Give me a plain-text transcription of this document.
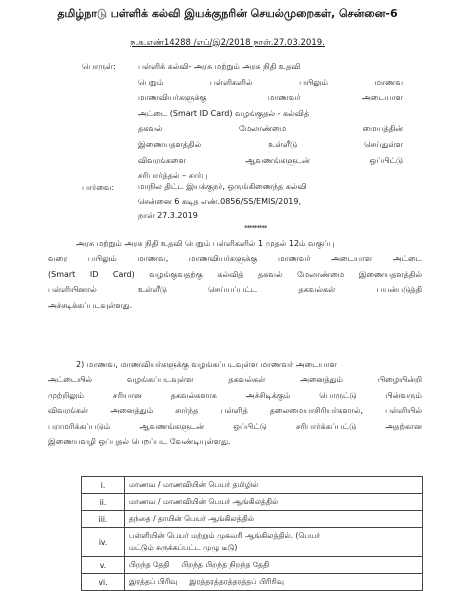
தமிழ்நாடு பள்ளிக் கல்வி இயக்குநரின் செயல்முறைகள், சென்னை-6
ந.க.எண்14288 /எப்/இ2/2018 நாள்.27.03.2019.
பொருள்:	பள்ளிக் கல்வி- அரசு மற்றும் அரசு நிதி உதவி
பெறும் பள்ளிகளில் பயிலும் மாணவ
மாணவியர்களுக்கு மாணவர் அடையாள
அட்டை (Smart ID Card) வழங்குதல் - கல்வித்
தகவல் மேலாண்மை மையத்தின்
இணையதளத்தில் உள்ளீடு செய்துள்ள
விவரங்களை ஆவணங்களுடன் ஒப்பிட்டு
சரிபார்த்தல் – சார்பு
பார்வை:	மாநில திட்ட இயக்குநர், ஒருங்கிணைந்த கல்வி
சென்னை 6 கடித எண்.0856/SS/EMIS/2019,
நாள் 27.3.2019
*********
அரசு மற்றும் அரசு நிதி உதவி பெறும் பள்ளிகளில் 1 முதல் 12ம் வகுப்பு
வரை பயிலும் மாணவ, மாணவியர்களுக்கு மாணவர் அடையாள அட்டை
(Smart ID Card) வழங்குவதற்கு கல்வித் தகவல் மேலாண்மை இணையதளத்தில்
பள்ளியினால் உள்ளீடு செய்யப்பட்ட தகவல்கள் பயன்படுத்தி
அச்சடிக்கப்படவுள்ளது.
2) மாணவ, மாணவியர்களுக்கு வழங்கப்படவுள்ள மாணவர் அடையாள
அட்டையில் வழங்கப்படவுள்ள தகவல்கள் அனைத்தும் பிழையின்றி
முற்றிலும் சரியான தகவல்களாக அச்சிடிக்கும் பொருட்டு பின்வரும்
விவரங்கள் அனைத்தும் சார்ந்த பள்ளித் தலைமையாசிரியர்களால், பள்ளியில்
பராமரிக்கப்படும் ஆவணங்களுடன் ஒப்பிட்டு சரிபார்க்கப்பட்டு அதற்கான
இணையவழி ஒப்புதல் பெறப்பட வேண்டியுள்ளது.
i.	மாணவ / மாணவியின் பெயர் தமிழில்

ii.	மாணவ / மாணவியின் பெயர் ஆங்கிலத்தில்

iii.	தந்தை / தாயின் பெயர் ஆங்கிலத்தில்

iv.	பள்ளியின் பெயர் மற்றும் முகவரி ஆங்கிலத்தில். (பெயர்
மட்டும் சுருக்கப்பட்ட முழு டீடு)

v.	பிறந்த தேதி     பிறந்த பிறந்த நிறந்த தேதி

vi.	இரத்தப் பிரிவு     இரத்தரத்தரத்தரத்தப் பிரிரிவு
